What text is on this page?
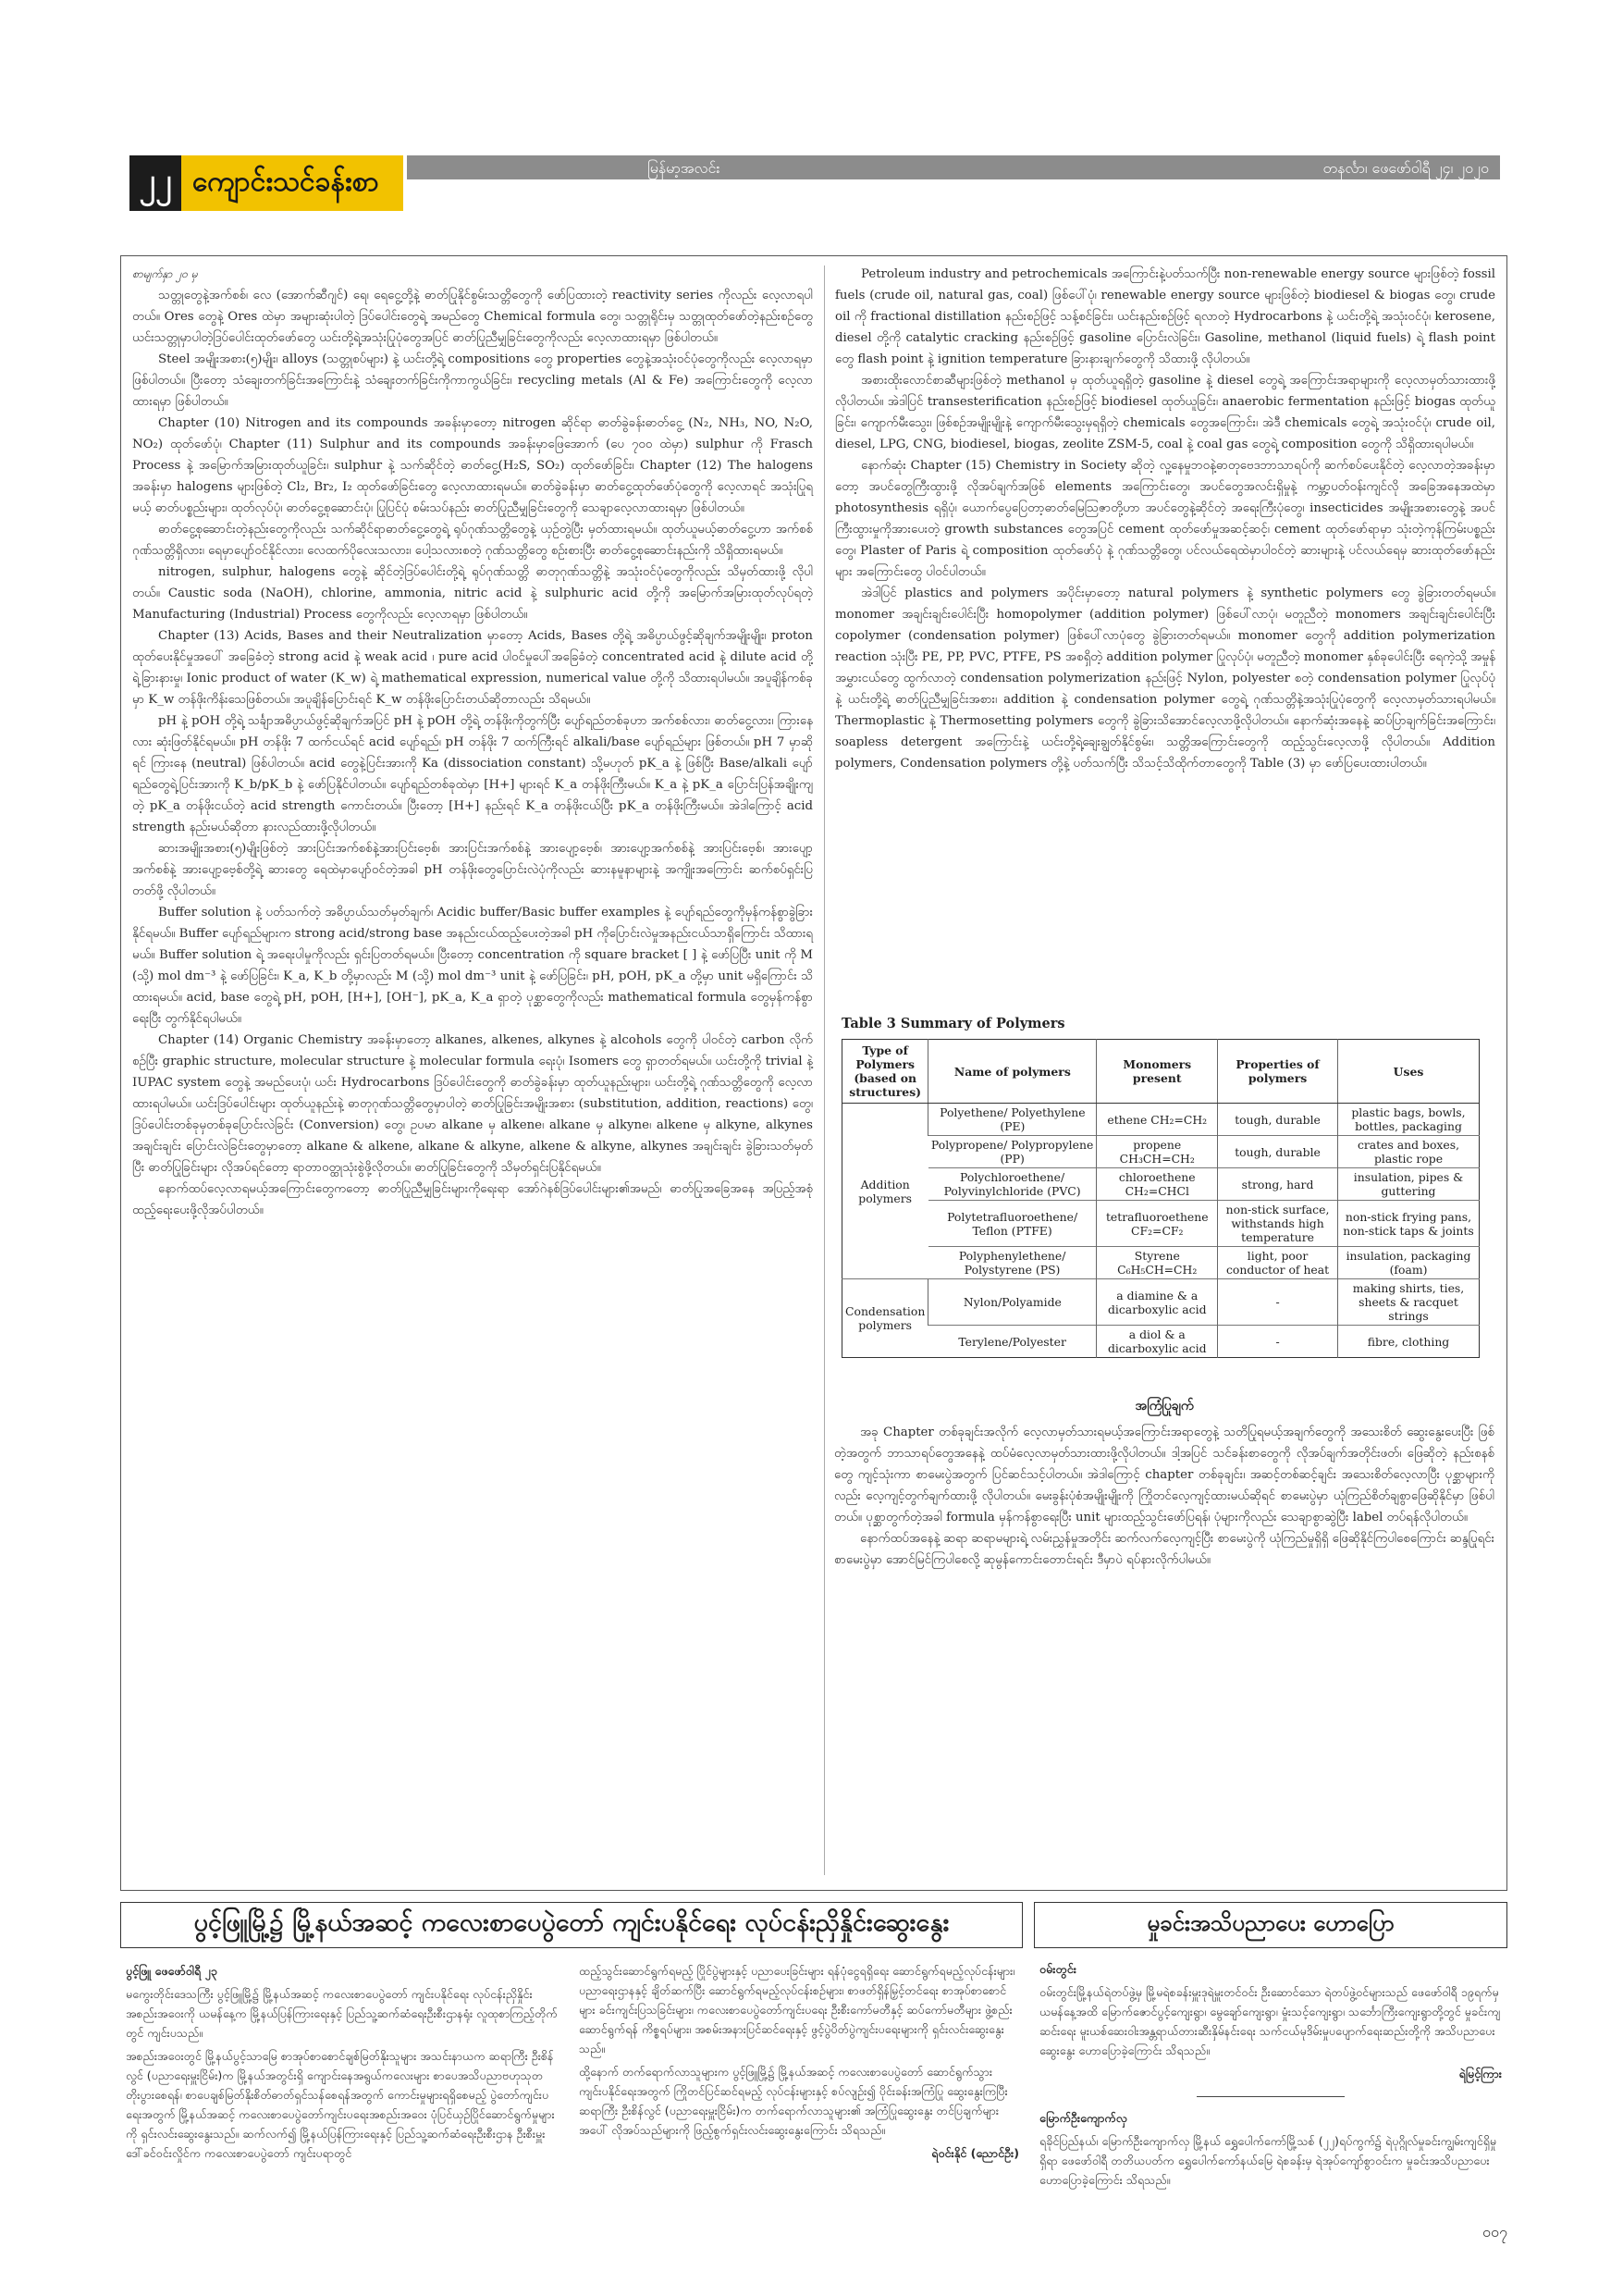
၂၂ ကျောင်းသင်ခန်းစာ	မြန်မာ့အလင်း	တနင်္လာ၊ ဖေဖော်ဝါရီ ၂၄၊ ၂၀၂၀

စာမျက်နှာ ၂၀ မှ

သတ္တုတွေနဲ့အက်စစ်၊ လေ (အောက်ဆီဂျင်) ရေ၊ ရေငွေ့တို့နဲ့ ဓာတ်ပြုနိုင်စွမ်းသတ္တိတွေကို ဖော်ပြထားတဲ့ reactivity series ကိုလည်း လေ့လာရပါတယ်။ Ores တွေနဲ့ Ores ထဲမှာ အများဆုံးပါတဲ့ ဒြပ်ပေါင်းတွေရဲ့ အမည်တွေ Chemical formula တွေ၊ သတ္တုရိုင်းမှ သတ္တုထုတ်ဖော်တဲ့နည်းစဉ်တွေ ယင်းသတ္တုမှာပါတဲ့ဒြပ်ပေါင်းထုတ်ဖော်တွေ ယင်းတို့ရဲ့အသုံးပြုပုံတွေအပြင် ဓာတ်ပြုညီမျှခြင်းတွေကိုလည်း လေ့လာထားရမှာ ဖြစ်ပါတယ်။

Steel အမျိုးအစား(၅)မျိုး၊ alloys (သတ္တုစပ်များ) နဲ့ ယင်းတို့ရဲ့ compositions တွေ properties တွေနဲ့အသုံးဝင်ပုံတွေကိုလည်း လေ့လာရမှာဖြစ်ပါတယ်။ ပြီးတော့ သံချေးတက်ခြင်းအကြောင်းနဲ့ သံချေးတက်ခြင်းကိုကာကွယ်ခြင်း၊ recycling metals (Al & Fe) အကြောင်းတွေကို လေ့လာထားရမှာ ဖြစ်ပါတယ်။

Chapter (10) Nitrogen and its compounds အခန်းမှာတော့ nitrogen ဆိုင်ရာ ဓာတ်ခွဲခန်းဓာတ်ငွေ့ (N₂, NH₃, NO, N₂O, NO₂) ထုတ်ဖော်ပုံ၊ Chapter (11) Sulphur and its compounds အခန်းမှာဖြေအောက် (ပေ ၇၀၀ ထဲမှာ) sulphur ကို Frasch Process နဲ့ အမြောက်အမြားထုတ်ယူခြင်း၊ sulphur နဲ့ သက်ဆိုင်တဲ့ ဓာတ်ငွေ့(H₂S, SO₂) ထုတ်ဖော်ခြင်း၊ Chapter (12) The halogens အခန်းမှာ halogens များဖြစ်တဲ့ Cl₂, Br₂, I₂ ထုတ်ဖော်ခြင်းတွေ လေ့လာထားရမယ်။ ဓာတ်ခွဲခန်းမှာ ဓာတ်ငွေ့ထုတ်ဖော်ပုံတွေကို လေ့လာရင် အသုံးပြုရမယ့် ဓာတ်ပစ္စည်းများ၊ ထုတ်လုပ်ပုံ၊ ဓာတ်ငွေ့စုဆောင်းပုံ၊ ပြုပြင်ပုံ စမ်းသပ်နည်း ဓာတ်ပြုညီမျှခြင်းတွေကို သေချာလေ့လာထားရမှာ ဖြစ်ပါတယ်။

ဓာတ်ငွေ့စုဆောင်းတဲ့နည်းတွေကိုလည်း သက်ဆိုင်ရာဓာတ်ငွေ့တွေရဲ့ ရုပ်ဂုဏ်သတ္တိတွေနဲ့ ယှဉ်တွဲပြီး မှတ်ထားရမယ်။ ထုတ်ယူမယ့်ဓာတ်ငွေ့ဟာ အက်စစ်ဂုဏ်သတ္တိရှိလား၊ ရေမှာပျော်ဝင်နိုင်လား၊ လေထက်ပိုလေးသလား၊ ပေါ့သလားစတဲ့ ဂုဏ်သတ္တိတွေ စဉ်းစားပြီး ဓာတ်ငွေ့စုဆောင်းနည်းကို သိရှိထားရမယ်။

nitrogen, sulphur, halogens တွေနဲ့ ဆိုင်တဲ့ဒြပ်ပေါင်းတို့ရဲ့ ရုပ်ဂုဏ်သတ္တိ ဓာတုဂုဏ်သတ္တိနဲ့ အသုံးဝင်ပုံတွေကိုလည်း သိမှတ်ထားဖို့ လိုပါတယ်။ Caustic soda (NaOH), chlorine, ammonia, nitric acid နဲ့ sulphuric acid တို့ကို အမြောက်အမြားထုတ်လုပ်ရတဲ့ Manufacturing (Industrial) Process တွေကိုလည်း လေ့လာရမှာ ဖြစ်ပါတယ်။

Chapter (13) Acids, Bases and their Neutralization မှာတော့ Acids, Bases တို့ရဲ့ အဓိပ္ပာယ်ဖွင့်ဆိုချက်အမျိုးမျိုး၊ proton ထုတ်ပေးနိုင်မှုအပေါ် အခြေခံတဲ့ strong acid နဲ့ weak acid ၊ pure acid ပါဝင်မှုပေါ်အခြေခံတဲ့ concentrated acid နဲ့ dilute acid တို့ရဲ့ခြားနားမှု၊ Ionic product of water (K_w) ရဲ့ mathematical expression, numerical value တို့ကို သိထားရပါမယ်။ အပူချိန်ကစ်ခုမှာ K_w တန်ဖိုးကိန်းသေဖြစ်တယ်။ အပူချိန်ပြောင်းရင် K_w တန်ဖိုးပြောင်းတယ်ဆိုတာလည်း သိရမယ်။

pH နဲ့ pOH တို့ရဲ့ သင်္ချာအဓိပ္ပာယ်ဖွင့်ဆိုချက်အပြင် pH နဲ့ pOH တို့ရဲ့ တန်ဖိုးကိုတွက်ပြီး ပျော်ရည်တစ်ခုဟာ အက်စစ်လား၊ ဓာတ်ငွေ့လား၊ ကြားနေလား ဆုံးဖြတ်နိုင်ရမယ်။ pH တန်ဖိုး 7 ထက်ငယ်ရင် acid ပျော်ရည်၊ pH တန်ဖိုး 7 ထက်ကြီးရင် alkali/base ပျော်ရည်များ ဖြစ်တယ်။ pH 7 မှာဆိုရင် ကြားနေ (neutral) ဖြစ်ပါတယ်။ acid တွေနဲ့ပြင်းအားကို Ka (dissociation constant) သို့မဟုတ် pK_a နဲ့ ဖြစ်ပြီး Base/alkali ပျော်ရည်တွေရဲ့ပြင်းအားကို K_b/pK_b နဲ့ ဖော်ပြနိုင်ပါတယ်။ ပျော်ရည်တစ်ခုထဲမှာ [H+] များရင် K_a တန်ဖိုးကြီးမယ်။ K_a နဲ့ pK_a ပြောင်းပြန်အချိုးကျတဲ့ pK_a တန်ဖိုးငယ်တဲ့ acid strength ကောင်းတယ်။ ပြီးတော့ [H+] နည်းရင် K_a တန်ဖိုးငယ်ပြီး pK_a တန်ဖိုးကြီးမယ်။ အဲဒါကြောင့် acid strength နည်းမယ်ဆိုတာ နားလည်ထားဖို့လိုပါတယ်။

ဆားအမျိုးအစား(၅)မျိုးဖြစ်တဲ့ အားပြင်းအက်စစ်နဲ့အားပြင်းဗေ့စ်၊ အားပြင်းအက်စစ်နဲ့ အားပျော့ဗေ့စ်၊ အားပျော့အက်စစ်နဲ့ အားပြင်းဗေ့စ်၊ အားပျော့အက်စစ်နဲ့ အားပျော့ဗေ့စ်တို့ရဲ့ ဆားတွေ ရေထဲမှာပျော်ဝင်တဲ့အခါ pH တန်ဖိုးတွေပြောင်းလဲပုံကိုလည်း ဆားနမူနာများနဲ့ အကျိုးအကြောင်း ဆက်စပ်ရှင်းပြတတ်ဖို့ လိုပါတယ်။

Buffer solution နဲ့ ပတ်သက်တဲ့ အဓိပ္ပာယ်သတ်မှတ်ချက်၊ Acidic buffer/Basic buffer examples နဲ့ ပျော်ရည်တွေကိုမှန်ကန်စွာခွဲခြားနိုင်ရမယ်။ Buffer ပျော်ရည်များက strong acid/strong base အနည်းငယ်ထည့်ပေးတဲ့အခါ pH ကိုပြောင်းလဲမှုအနည်းငယ်သာရှိကြောင်း သိထားရမယ်။ Buffer solution ရဲ့ အရေးပါမှုကိုလည်း ရှင်းပြတတ်ရမယ်။ ပြီးတော့ concentration ကို square bracket [ ] နဲ့ ဖော်ပြပြီး unit ကို M (သို့) mol dm⁻³ နဲ့ ဖော်ပြခြင်း၊ K_a, K_b တို့မှာလည်း M (သို့) mol dm⁻³ unit နဲ့ ဖော်ပြခြင်း၊ pH, pOH, pK_a တို့မှာ unit မရှိကြောင်း သိထားရမယ်။ acid, base တွေရဲ့ pH, pOH, [H+], [OH⁻], pK_a, K_a ရှာတဲ့ ပုစ္ဆာတွေကိုလည်း mathematical formula တွေမှန်ကန်စွာရေးပြီး တွက်နိုင်ရပါမယ်။

Chapter (14) Organic Chemistry အခန်းမှာတော့ alkanes, alkenes, alkynes နဲ့ alcohols တွေကို ပါဝင်တဲ့ carbon လိုက်စဉ်ပြီး graphic structure, molecular structure နဲ့ molecular formula ရေးပုံ၊ Isomers တွေ ရှာတတ်ရမယ်။ ယင်းတို့ကို trivial နဲ့ IUPAC system တွေနဲ့ အမည်ပေးပုံ၊ ယင်း Hydrocarbons ဒြပ်ပေါင်းတွေကို ဓာတ်ခွဲခန်းမှာ ထုတ်ယူနည်းများ၊ ယင်းတို့ရဲ့ ဂုဏ်သတ္တိတွေကို လေ့လာထားရပါမယ်။ ယင်းဒြပ်ပေါင်းများ ထုတ်ယူနည်းနဲ့ ဓာတုဂုဏ်သတ္တိတွေမှာပါတဲ့ ဓာတ်ပြုခြင်းအမျိုးအစား (substitution, addition, reactions) တွေ၊ ဒြပ်ပေါင်းတစ်ခုမှတစ်ခုပြောင်းလဲခြင်း (Conversion) တွေ၊ ဥပမာ alkane မှ alkene၊ alkane မှ alkyne၊ alkene မှ alkyne, alkynes အချင်းချင်း ပြောင်းလဲခြင်းတွေမှာတော့ alkane & alkene, alkane & alkyne, alkene & alkyne, alkynes အချင်းချင်း ခွဲခြားသတ်မှတ်ပြီး ဓာတ်ပြုခြင်းများ လိုအပ်ရင်တော့ ရာတာဝတ္ထုသုံးစွဲဖို့လိုတယ်။ ဓာတ်ပြုခြင်းတွေကို သိမှတ်ရှင်းပြနိုင်ရမယ်။

နောက်ထပ်လေ့လာရမယ့်အကြောင်းတွေကတော့ ဓာတ်ပြုညီမျှခြင်းများကိုရေးရာ အော်ဂဲနစ်ဒြပ်ပေါင်းများ၏အမည်၊ ဓာတ်ပြုအခြေအနေ အပြည့်အစုံ ထည့်ရေးပေးဖို့လိုအပ်ပါတယ်။

Petroleum industry and petrochemicals အကြောင်းနဲ့ပတ်သက်ပြီး non-renewable energy source များဖြစ်တဲ့ fossil fuels (crude oil, natural gas, coal) ဖြစ်ပေါ်ပုံ၊ renewable energy source များဖြစ်တဲ့ biodiesel & biogas တွေ၊ crude oil ကို fractional distillation နည်းစဉ်ဖြင့် သန့်စင်ခြင်း၊ ယင်းနည်းစဉ်ဖြင့် ရလာတဲ့ Hydrocarbons နဲ့ ယင်းတို့ရဲ့ အသုံးဝင်ပုံ၊ kerosene, diesel တို့ကို catalytic cracking နည်းစဉ်ဖြင့် gasoline ပြောင်းလဲခြင်း၊ Gasoline, methanol (liquid fuels) ရဲ့ flash point တွေ flash point နဲ့ ignition temperature ခြားနားချက်တွေကို သိထားဖို့ လိုပါတယ်။

အစားထိုးလောင်စာဆီများဖြစ်တဲ့ methanol မှ ထုတ်ယူရရှိတဲ့ gasoline နဲ့ diesel တွေရဲ့ အကြောင်းအရာများကို လေ့လာမှတ်သားထားဖို့လိုပါတယ်။ အဲဒါပြင် transesterification နည်းစဉ်ဖြင့် biodiesel ထုတ်ယူခြင်း၊ anaerobic fermentation နည်းဖြင့် biogas ထုတ်ယူခြင်း၊ ကျောက်မီးသွေး၊ ဖြစ်စဉ်အမျိုးမျိုးနဲ့ ကျောက်မီးသွေးမှရရှိတဲ့ chemicals တွေအကြောင်း၊ အဲဒီ chemicals တွေရဲ့ အသုံးဝင်ပုံ၊ crude oil, diesel, LPG, CNG, biodiesel, biogas, zeolite ZSM-5, coal နဲ့ coal gas တွေရဲ့ composition တွေကို သိရှိထားရပါမယ်။

နောက်ဆုံး Chapter (15) Chemistry in Society ဆိုတဲ့ လူ့နေမှုဘဝနဲ့ဓာတုဗေဒဘာသာရပ်ကို ဆက်စပ်ပေးနိုင်တဲ့ လေ့လာတဲ့အခန်းမှာတော့ အပင်တွေကြီးထွားဖို့ လိုအပ်ချက်အဖြစ် elements အကြောင်းတွေ၊ အပင်တွေအလင်းရှိမှုနဲ့ ကမ္ဘာ့ပတ်ဝန်းကျင်လို အခြေအနေအထဲမှာ photosynthesis ရရှိပုံ၊ ယောက်ပွေပြေတာ့ဓာတ်မြေသြဇာတို့ဟာ အပင်တွေနဲ့ဆိုင်တဲ့ အရေးကြီးပုံတွေ၊ insecticides အမျိုးအစားတွေနဲ့ အပင်ကြီးထွားမှုကိုအားပေးတဲ့ growth substances တွေအပြင် cement ထုတ်ဖော်မှုအဆင့်ဆင့်၊ cement ထုတ်ဖော်ရာမှာ သုံးတဲ့ကုန်ကြမ်းပစ္စည်းတွေ၊ Plaster of Paris ရဲ့ composition ထုတ်ဖော်ပုံ နဲ့ ဂုဏ်သတ္တိတွေ၊ ပင်လယ်ရေထဲမှာပါဝင်တဲ့ ဆားများနဲ့ ပင်လယ်ရေမှ ဆားထုတ်ဖော်နည်းများ အကြောင်းတွေ ပါဝင်ပါတယ်။

အဲဒါပြင် plastics and polymers အပိုင်းမှာတော့ natural polymers နဲ့ synthetic polymers တွေ ခွဲခြားတတ်ရမယ်။ monomer အချင်းချင်းပေါင်းပြီး homopolymer (addition polymer) ဖြစ်ပေါ်လာပုံ၊ မတူညီတဲ့ monomers အချင်းချင်းပေါင်းပြီး copolymer (condensation polymer) ဖြစ်ပေါ်လာပုံတွေ ခွဲခြားတတ်ရမယ်။ monomer တွေကို addition polymerization reaction သုံးပြီး PE, PP, PVC, PTFE, PS အစရှိတဲ့ addition polymer ပြုလုပ်ပုံ၊ မတူညီတဲ့ monomer နှစ်ခုပေါင်းပြီး ရေကဲ့သို့ အမှုန်အမွှားငယ်တွေ ထွက်လာတဲ့ condensation polymerization နည်းဖြင့် Nylon, polyester စတဲ့ condensation polymer ပြုလုပ်ပုံနဲ့ ယင်းတို့ရဲ့ ဓာတ်ပြုညီမျှခြင်းအစား၊ addition နဲ့ condensation polymer တွေရဲ့ ဂုဏ်သတ္တိနဲ့အသုံးပြုပုံတွေကို လေ့လာမှတ်သားရပါမယ်။ Thermoplastic နဲ့ Thermosetting polymers တွေကို ခွဲခြားသိအောင်လေ့လာဖို့လိုပါတယ်။ နောက်ဆုံးအနေနဲ့ ဆပ်ပြာချက်ခြင်းအကြောင်း၊ soapless detergent အကြောင်းနဲ့ ယင်းတို့ရဲ့ချေးချွတ်နိုင်စွမ်း၊ သတ္တိအကြောင်းတွေကို ထည့်သွင်းလေ့လာဖို့ လိုပါတယ်။ Addition polymers, Condensation polymers တို့နဲ့ ပတ်သက်ပြီး သိသင့်သိထိုက်တာတွေကို Table (3) မှာ ဖော်ပြပေးထားပါတယ်။

Table 3 Summary of Polymers
Type of Polymers (based on structures)	Name of polymers	Monomers present	Properties of polymers	Uses
Addition polymers	Polyethene/ Polyethylene (PE)	ethene CH₂=CH₂	tough, durable	plastic bags, bowls, bottles, packaging
	Polypropene/ Polypropylene (PP)	propene CH₃CH=CH₂	tough, durable	crates and boxes, plastic rope
	Polychloroethene/ Polyvinylchloride (PVC)	chloroethene CH₂=CHCl	strong, hard	insulation, pipes & guttering
	Polytetrafluoroethene/ Teflon (PTFE)	tetrafluoroethene CF₂=CF₂	non-stick surface, withstands high temperature	non-stick frying pans, non-stick taps & joints
	Polyphenylethene/ Polystyrene (PS)	Styrene C₆H₅CH=CH₂	light, poor conductor of heat	insulation, packaging (foam)
Condensation polymers	Nylon/Polyamide	a diamine & a dicarboxylic acid	-	making shirts, ties, sheets & racquet strings
	Terylene/Polyester	a diol & a dicarboxylic acid	-	fibre, clothing
အကြံပြုချက်

အခု Chapter တစ်ခုချင်းအလိုက် လေ့လာမှတ်သားရမယ့်အကြောင်းအရာတွေနဲ့ သတိပြုရမယ့်အချက်တွေကို အသေးစိတ် ဆွေးနွေးပေးပြီး ဖြစ်တဲ့အတွက် ဘာသာရပ်တွေအနေနဲ့ ထပ်မံလေ့လာမှတ်သားထားဖို့လိုပါတယ်။ ဒါ့အပြင် သင်ခန်းစာတွေကို လိုအပ်ချက်အတိုင်းဖတ်၊ ဖြေဆိုတဲ့ နည်းစနစ်တွေ ကျင့်သုံးကာ စာမေးပွဲအတွက် ပြင်ဆင်သင့်ပါတယ်။ အဲဒါကြောင့် chapter တစ်ခုချင်း၊ အဆင့်တစ်ဆင့်ချင်း အသေးစိတ်လေ့လာပြီး ပုစ္ဆာများကိုလည်း လေ့ကျင့်တွက်ချက်ထားဖို့ လိုပါတယ်။ မေးခွန်းပုံစံအမျိုးမျိုးကို ကြိုတင်လေ့ကျင့်ထားမယ်ဆိုရင် စာမေးပွဲမှာ ယုံကြည်စိတ်ချစွာဖြေဆိုနိုင်မှာ ဖြစ်ပါတယ်။ ပုစ္ဆာတွက်တဲ့အခါ formula မှန်ကန်စွာရေးပြီး unit များထည့်သွင်းဖော်ပြရန်၊ ပုံများကိုလည်း သေချာစွာဆွဲပြီး label တပ်ရန်လိုပါတယ်။

နောက်ထပ်အနေနဲ့ ဆရာ ဆရာမများရဲ့ လမ်းညွှန်မှုအတိုင်း ဆက်လက်လေ့ကျင့်ပြီး စာမေးပွဲကို ယုံကြည်မှုရှိရှိ ဖြေဆိုနိုင်ကြပါစေကြောင်း ဆန္ဒပြုရင်း စာမေးပွဲမှာ အောင်မြင်ကြပါစေလို့ ဆုမွန်ကောင်းတောင်းရင်း ဒီမှာပဲ ရပ်နားလိုက်ပါမယ်။

ပွင့်ဖြူမြို့၌ မြို့နယ်အဆင့် ကလေးစာပေပွဲတော် ကျင်းပနိုင်ရေး လုပ်ငန်းညှိနှိုင်းဆွေးနွေး

ပွင့်ဖြူ ဖေဖော်ဝါရီ ၂၃

မကွေးတိုင်းဒေသကြီး ပွင့်ဖြူမြို့၌ မြို့နယ်အဆင့် ကလေးစာပေပွဲတော် ကျင်းပနိုင်ရေး လုပ်ငန်းညှိနှိုင်းအစည်းအဝေးကို ယမန်နေ့က မြို့နယ်ပြန်ကြားရေးနှင့် ပြည်သူ့ဆက်ဆံရေးဦးစီးဌာနရုံး လူထုစာကြည့်တိုက်တွင် ကျင်းပသည်။

အစည်းအဝေးတွင် မြို့နယ်ပွင့်သာမြေ စာအုပ်စာစောင်ချစ်မြတ်နိုးသူများ အသင်းနာယက ဆရာကြီး ဦးစိန်လွင် (ပညာရေးမှူးငြိမ်း)က မြို့နယ်အတွင်းရှိ ကျောင်းနေအရွယ်ကလေးများ စာပေအသိပညာဗဟုသုတ တိုးပွားစေရန်၊ စာပေချစ်မြတ်နိုးစိတ်ဓာတ်ရှင်သန်စေရန်အတွက် ကောင်းမှုများရရှိစေမည့် ပွဲတော်ကျင်းပရေးအတွက် မြို့နယ်အဆင့် ကလေးစာပေပွဲတော်ကျင်းပရေးအစည်းအဝေး ပုံပြင်ယှဉ်ပြိုင်ဆောင်ရွက်မှုများကို ရှင်းလင်းဆွေးနွေးသည်။ ဆက်လက်၍ မြို့နယ်ပြန်ကြားရေးနှင့် ပြည်သူ့ဆက်ဆံရေးဦးစီးဌာန ဦးစီးမှူး ဒေါ်ခင်ဝင်းလှိုင်က ကလေးစာပေပွဲတော် ကျင်းပရာတွင်

ထည့်သွင်းဆောင်ရွက်ရမည့် ပြိုင်ပွဲများနှင့် ပညာပေးခြင်းများ ရန်ပုံငွေရရှိရေး ဆောင်ရွက်ရမည့်လုပ်ငန်းများ၊ ပညာရေးဌာနနှင့် ချိတ်ဆက်ပြီး ဆောင်ရွက်ရမည့်လုပ်ငန်းစဉ်များ၊ စာဖတ်ရှိန်မြှင့်တင်ရေး စာအုပ်စာစောင်များ ခင်းကျင်းပြသခြင်းများ၊ ကလေးစာပေပွဲတော်ကျင်းပရေး ဦးစီးကော်မတီနှင့် ဆပ်ကော်မတီများ ဖွဲ့စည်းဆောင်ရွက်ရန် ကိစ္စရပ်များ၊ အစမ်းအနားပြင်ဆင်ရေးနှင့် ဖွင့်ပွဲပိတ်ပွဲကျင်းပရေးများကို ရှင်းလင်းဆွေးနွေးသည်။

ထို့နောက် တက်ရောက်လာသူများက ပွင့်ဖြူမြို့၌ မြို့နယ်အဆင့် ကလေးစာပေပွဲတော် ဆောင်ရွက်သွားကျင်းပနိုင်ရေးအတွက် ကြိုတင်ပြင်ဆင်ရမည့် လုပ်ငန်းများနှင့် စပ်လျဉ်း၍ ပိုင်းခန်းအကြံပြု ဆွေးနွေးကြပြီး ဆရာကြီး ဦးစိန်လွင် (ပညာရေးမှူးငြိမ်း)က တက်ရောက်လာသူများ၏ အကြံပြုဆွေးနွေး တင်ပြချက်များအပေါ် လိုအပ်သည်များကို ဖြည့်စွက်ရှင်းလင်းဆွေးနွေးကြောင်း သိရသည်။

ရဲဝင်းနိုင် (ညောင်ဦး)

မှုခင်းအသိပညာပေး ဟောပြော

ဝမ်းတွင်း

ဝမ်းတွင်းမြို့နယ်ရဲတပ်ဖွဲ့မှ မြို့မရဲစခန်းမှူးဒုရဲမှူးတင်ဝင်း ဦးဆောင်သော ရဲတပ်ဖွဲ့ဝင်များသည် ဖေဖော်ဝါရီ ၁၉ရက်မှ ယမန်နေ့အထိ မြောက်ဇောင်ပွင့်ကျေးရွာ၊ မွေချော်ကျေးရွာ၊ မှုံးသင့်ကျေးရွာ၊ သင်္ဘောကြီးကျေးရွာတို့တွင် မှုခင်းကျဆင်းရေး မူးယစ်ဆေးဝါးအန္တရာယ်တားဆီးနှိမ်နင်းရေး သက်ငယ်မုဒိမ်းမှုပပျောက်ရေးဆည်းတို့ကို အသိပညာပေးဆွေးနွေး ဟောပြောခဲ့ကြောင်း သိရသည်။

ရဲမြင့်ကြား

မြောက်ဦးကျောက်လှ

ရခိုင်ပြည်နယ်၊ မြောက်ဦးကျောက်လှ မြို့နယ် ရွှေပေါက်ကော်မြို့သစ် (၂၂)ရပ်ကွက်၌ ရဲပုဂ္ဂိုလ်မှုခင်းကျွမ်းကျင်ရှိမှုရှိရာ ဖေဖော်ဝါရီ တတိယပတ်က ရွှေပေါက်ကော်နယ်မြေ ရဲစခန်းမှ ရဲအုပ်ကျော်စွာဝင်းက မှုခင်းအသိပညာပေး ဟောပြောခဲ့ကြောင်း သိရသည်။

၀၀၇
